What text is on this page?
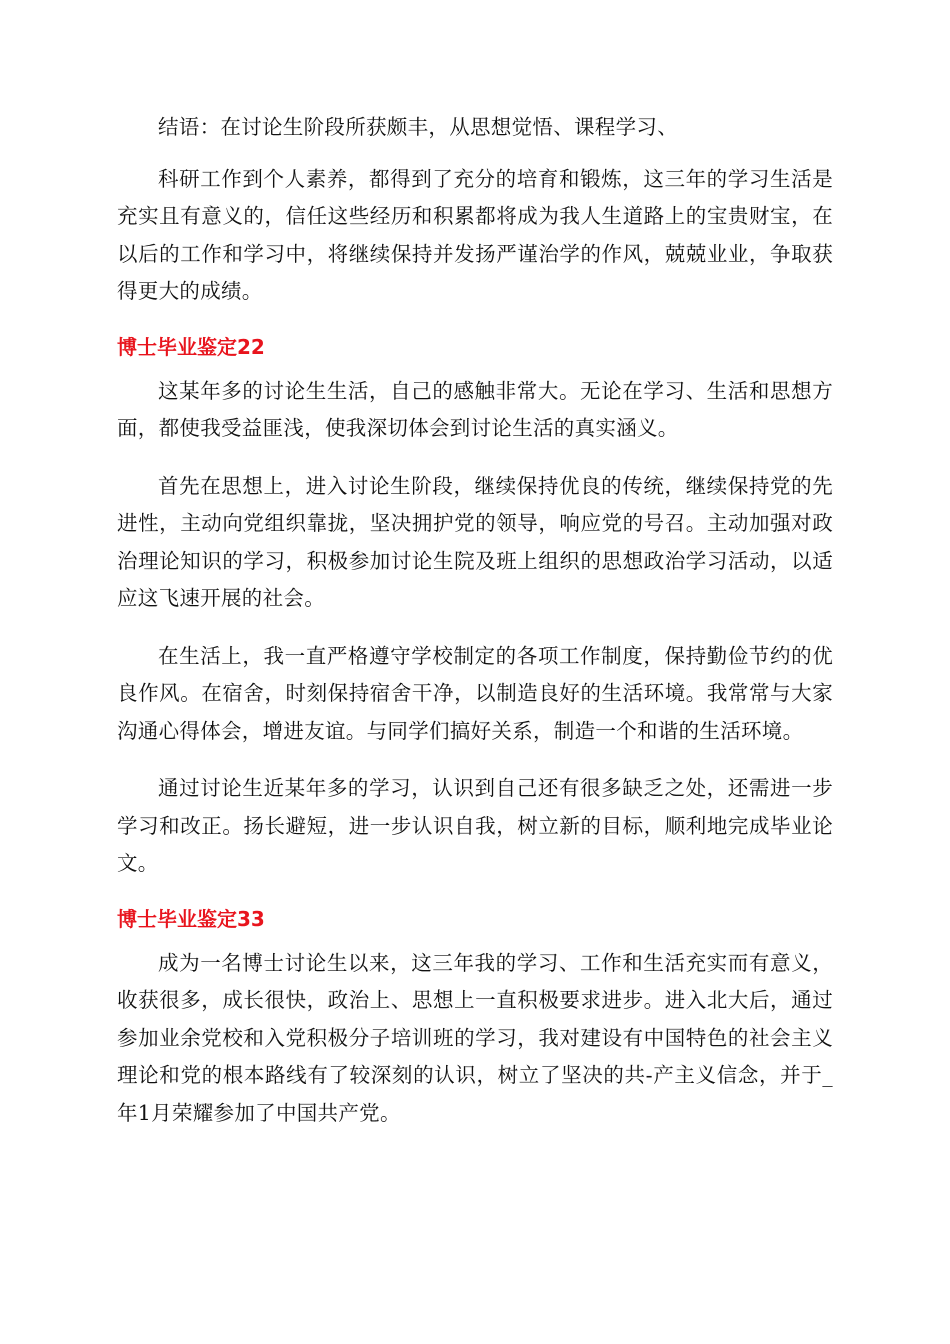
结语：在讨论生阶段所获颇丰，从思想觉悟、课程学习、

科研工作到个人素养，都得到了充分的培育和锻炼，这三年的学习生活是充实且有意义的，信任这些经历和积累都将成为我人生道路上的宝贵财宝，在以后的工作和学习中，将继续保持并发扬严谨治学的作风，兢兢业业，争取获得更大的成绩。

博士毕业鉴定22

这某年多的讨论生生活，自己的感触非常大。无论在学习、生活和思想方面，都使我受益匪浅，使我深切体会到讨论生活的真实涵义。

首先在思想上，进入讨论生阶段，继续保持优良的传统，继续保持党的先进性，主动向党组织靠拢，坚决拥护党的领导，响应党的号召。主动加强对政治理论知识的学习，积极参加讨论生院及班上组织的思想政治学习活动，以适应这飞速开展的社会。

在生活上，我一直严格遵守学校制定的各项工作制度，保持勤俭节约的优良作风。在宿舍，时刻保持宿舍干净，以制造良好的生活环境。我常常与大家沟通心得体会，增进友谊。与同学们搞好关系，制造一个和谐的生活环境。

通过讨论生近某年多的学习，认识到自己还有很多缺乏之处，还需进一步学习和改正。扬长避短，进一步认识自我，树立新的目标，顺利地完成毕业论文。

博士毕业鉴定33

成为一名博士讨论生以来，这三年我的学习、工作和生活充实而有意义，收获很多，成长很快，政治上、思想上一直积极要求进步。进入北大后，通过参加业余党校和入党积极分子培训班的学习，我对建设有中国特色的社会主义理论和党的根本路线有了较深刻的认识，树立了坚决的共-产主义信念，并于_年1月荣耀参加了中国共产党。
